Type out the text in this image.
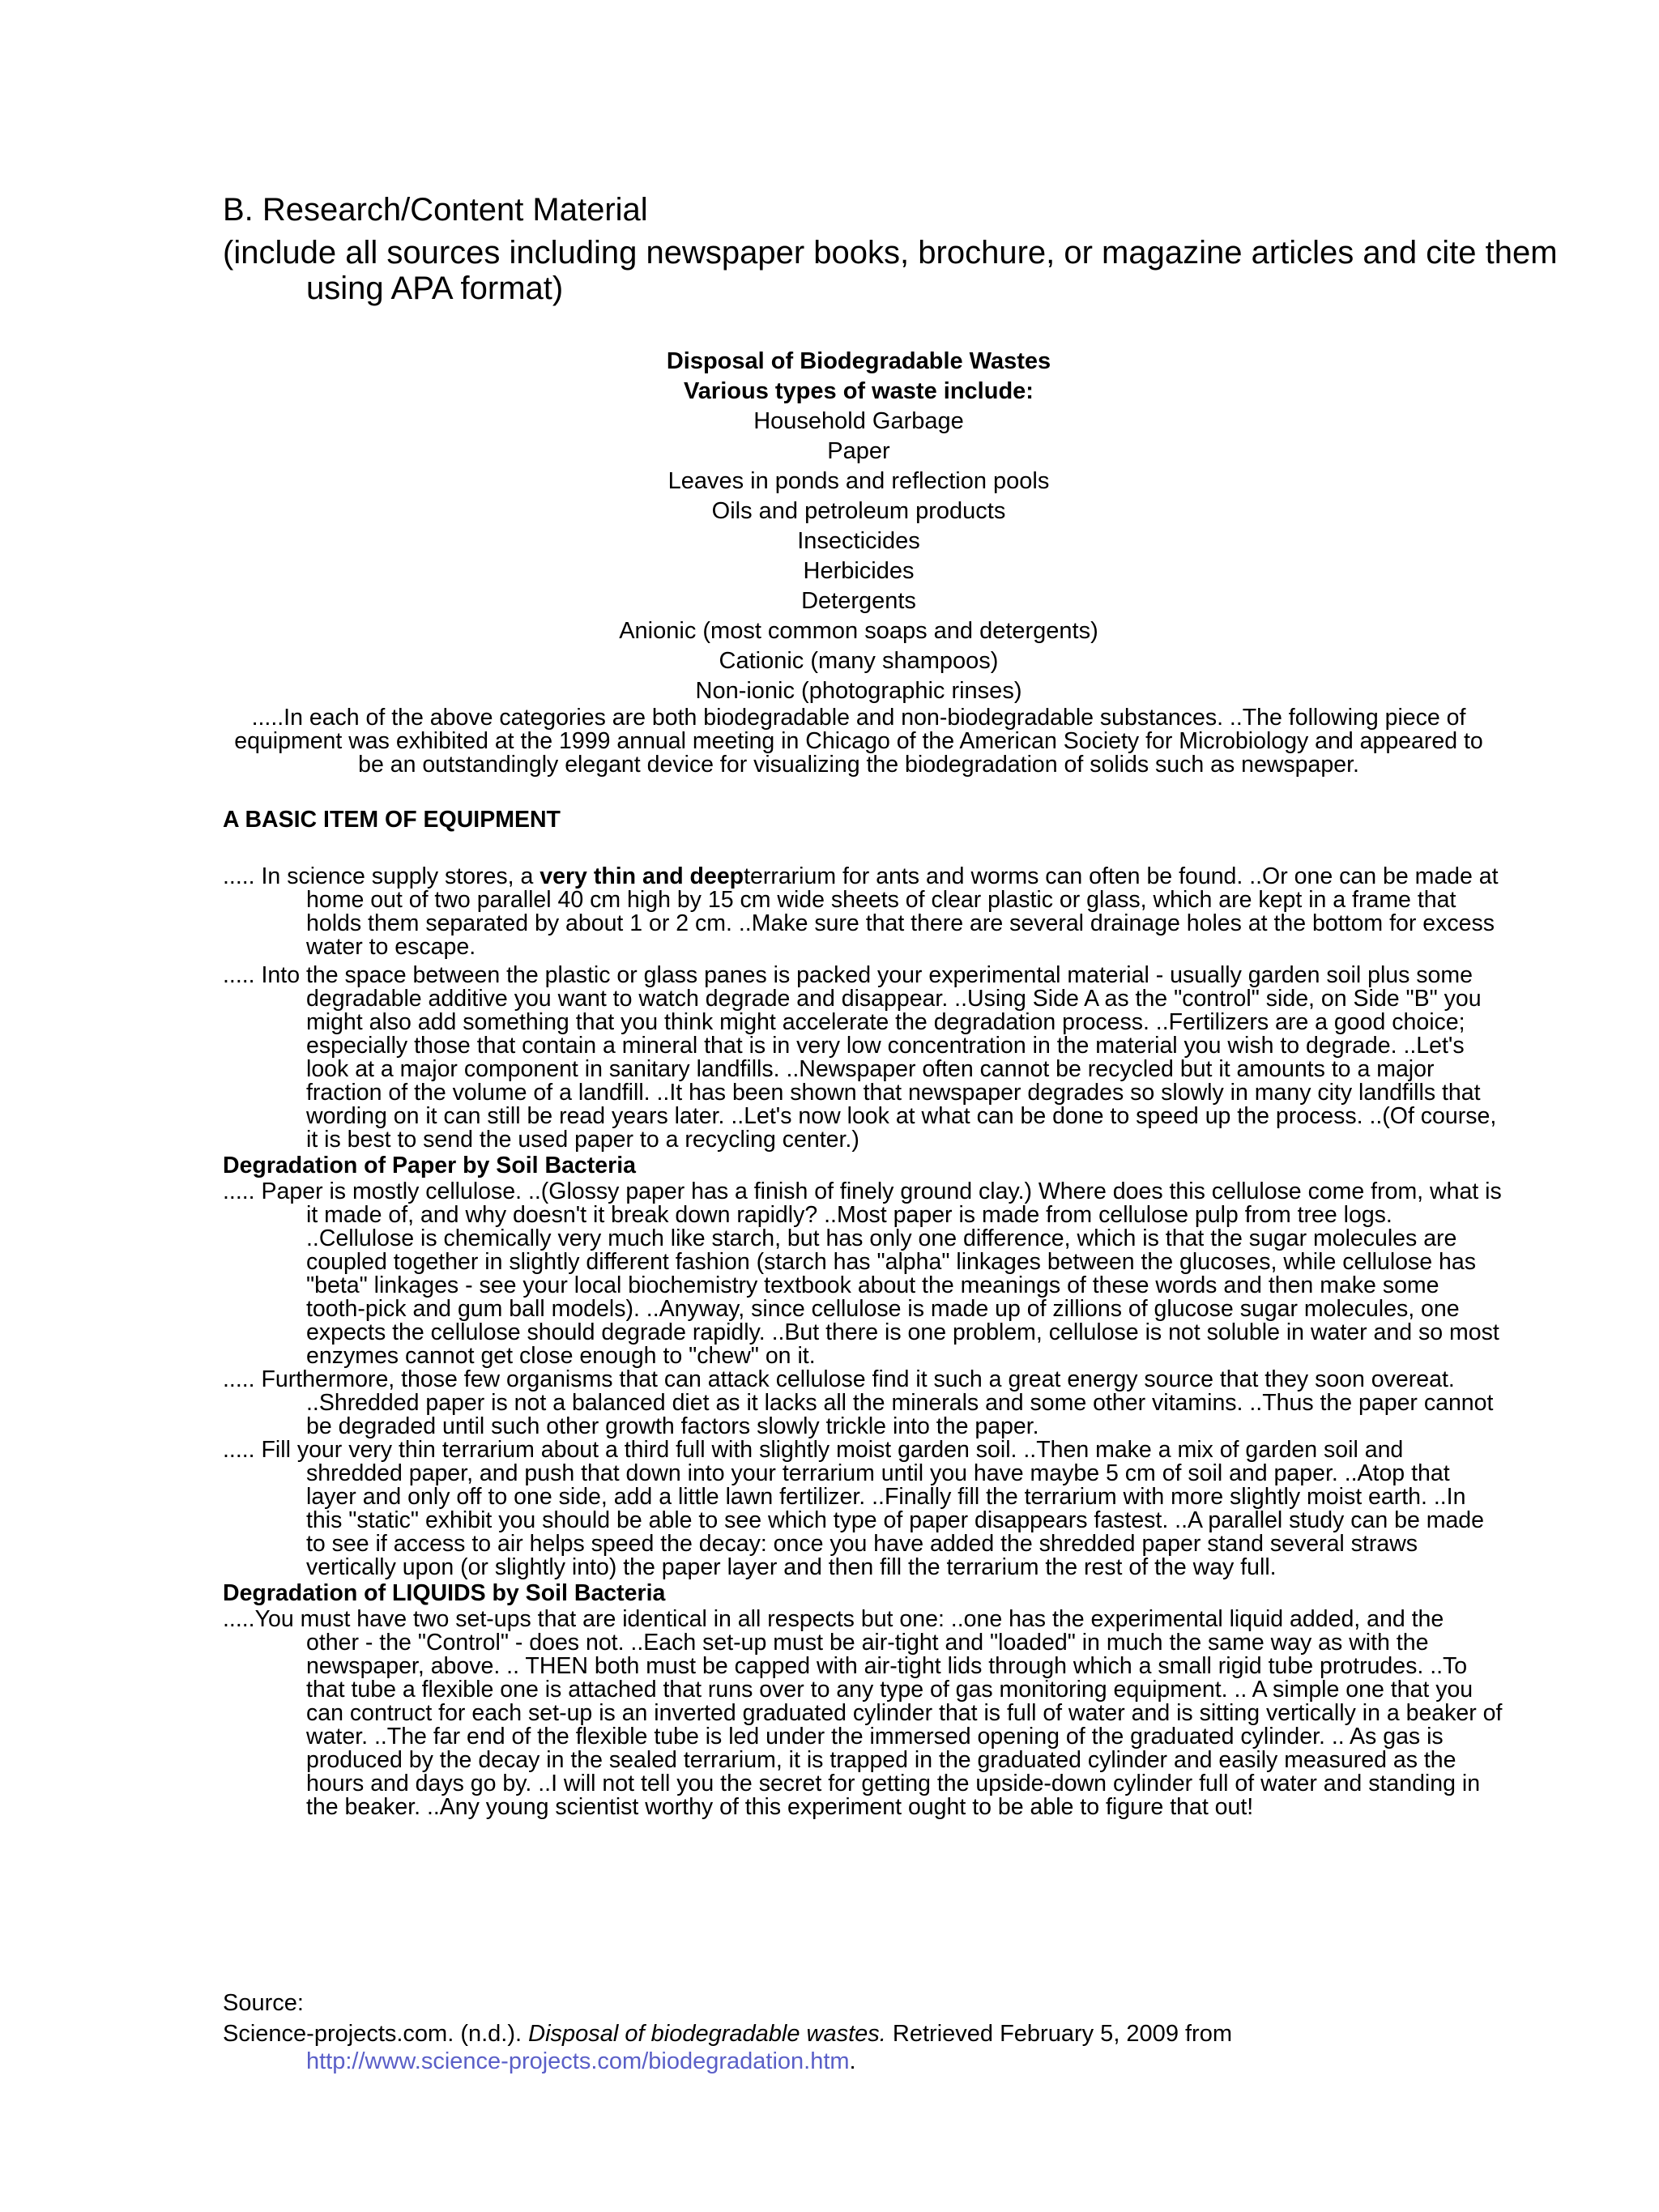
B. Research/Content Material

(include all sources including newspaper books, brochure, or magazine articles and cite them using APA format)

Disposal of Biodegradable Wastes
Various types of waste include:
Household Garbage
Paper
Leaves in ponds and reflection pools
Oils and petroleum products
Insecticides
Herbicides
Detergents
Anionic (most common soaps and detergents)
Cationic (many shampoos)
Non-ionic (photographic rinses)

.....In each of the above categories are both biodegradable and non-biodegradable substances. ..The following piece of equipment was exhibited at the 1999 annual meeting in Chicago of the American Society for Microbiology and appeared to be an outstandingly elegant device for visualizing the biodegradation of solids such as newspaper.

A BASIC ITEM OF EQUIPMENT

..... In science supply stores, a very thin and deepterrarium for ants and worms can often be found. ..Or one can be made at home out of two parallel 40 cm high by 15 cm wide sheets of clear plastic or glass, which are kept in a frame that holds them separated by about 1 or 2 cm. ..Make sure that there are several drainage holes at the bottom for excess water to escape.

..... Into the space between the plastic or glass panes is packed your experimental material - usually garden soil plus some degradable additive you want to watch degrade and disappear. ..Using Side A as the "control" side, on Side "B" you might also add something that you think might accelerate the degradation process. ..Fertilizers are a good choice; especially those that contain a mineral that is in very low concentration in the material you wish to degrade. ..Let's look at a major component in sanitary landfills. ..Newspaper often cannot be recycled but it amounts to a major fraction of the volume of a landfill. ..It has been shown that newspaper degrades so slowly in many city landfills that wording on it can still be read years later. ..Let's now look at what can be done to speed up the process. ..(Of course, it is best to send the used paper to a recycling center.)

Degradation of Paper by Soil Bacteria

..... Paper is mostly cellulose. ..(Glossy paper has a finish of finely ground clay.) Where does this cellulose come from, what is it made of, and why doesn't it break down rapidly? ..Most paper is made from cellulose pulp from tree logs. ..Cellulose is chemically very much like starch, but has only one difference, which is that the sugar molecules are coupled together in slightly different fashion (starch has "alpha" linkages between the glucoses, while cellulose has "beta" linkages - see your local biochemistry textbook about the meanings of these words and then make some tooth-pick and gum ball models). ..Anyway, since cellulose is made up of zillions of glucose sugar molecules, one expects the cellulose should degrade rapidly. ..But there is one problem, cellulose is not soluble in water and so most enzymes cannot get close enough to "chew" on it.

..... Furthermore, those few organisms that can attack cellulose find it such a great energy source that they soon overeat. ..Shredded paper is not a balanced diet as it lacks all the minerals and some other vitamins. ..Thus the paper cannot be degraded until such other growth factors slowly trickle into the paper.

..... Fill your very thin terrarium about a third full with slightly moist garden soil. ..Then make a mix of garden soil and shredded paper, and push that down into your terrarium until you have maybe 5 cm of soil and paper. ..Atop that layer and only off to one side, add a little lawn fertilizer. ..Finally fill the terrarium with more slightly moist earth. ..In this "static" exhibit you should be able to see which type of paper disappears fastest. ..A parallel study can be made to see if access to air helps speed the decay: once you have added the shredded paper stand several straws vertically upon (or slightly into) the paper layer and then fill the terrarium the rest of the way full.

Degradation of LIQUIDS by Soil Bacteria

.....You must have two set-ups that are identical in all respects but one: ..one has the experimental liquid added, and the other - the "Control" - does not. ..Each set-up must be air-tight and "loaded" in much the same way as with the newspaper, above. .. THEN both must be capped with air-tight lids through which a small rigid tube protrudes. ..To that tube a flexible one is attached that runs over to any type of gas monitoring equipment. .. A simple one that you can contruct for each set-up is an inverted graduated cylinder that is full of water and is sitting vertically in a beaker of water. ..The far end of the flexible tube is led under the immersed opening of the graduated cylinder. .. As gas is produced by the decay in the sealed terrarium, it is trapped in the graduated cylinder and easily measured as the hours and days go by. ..I will not tell you the secret for getting the upside-down cylinder full of water and standing in the beaker. ..Any young scientist worthy of this experiment ought to be able to figure that out!

Source:

Science-projects.com. (n.d.). Disposal of biodegradable wastes. Retrieved February 5, 2009 from
http://www.science-projects.com/biodegradation.htm.
